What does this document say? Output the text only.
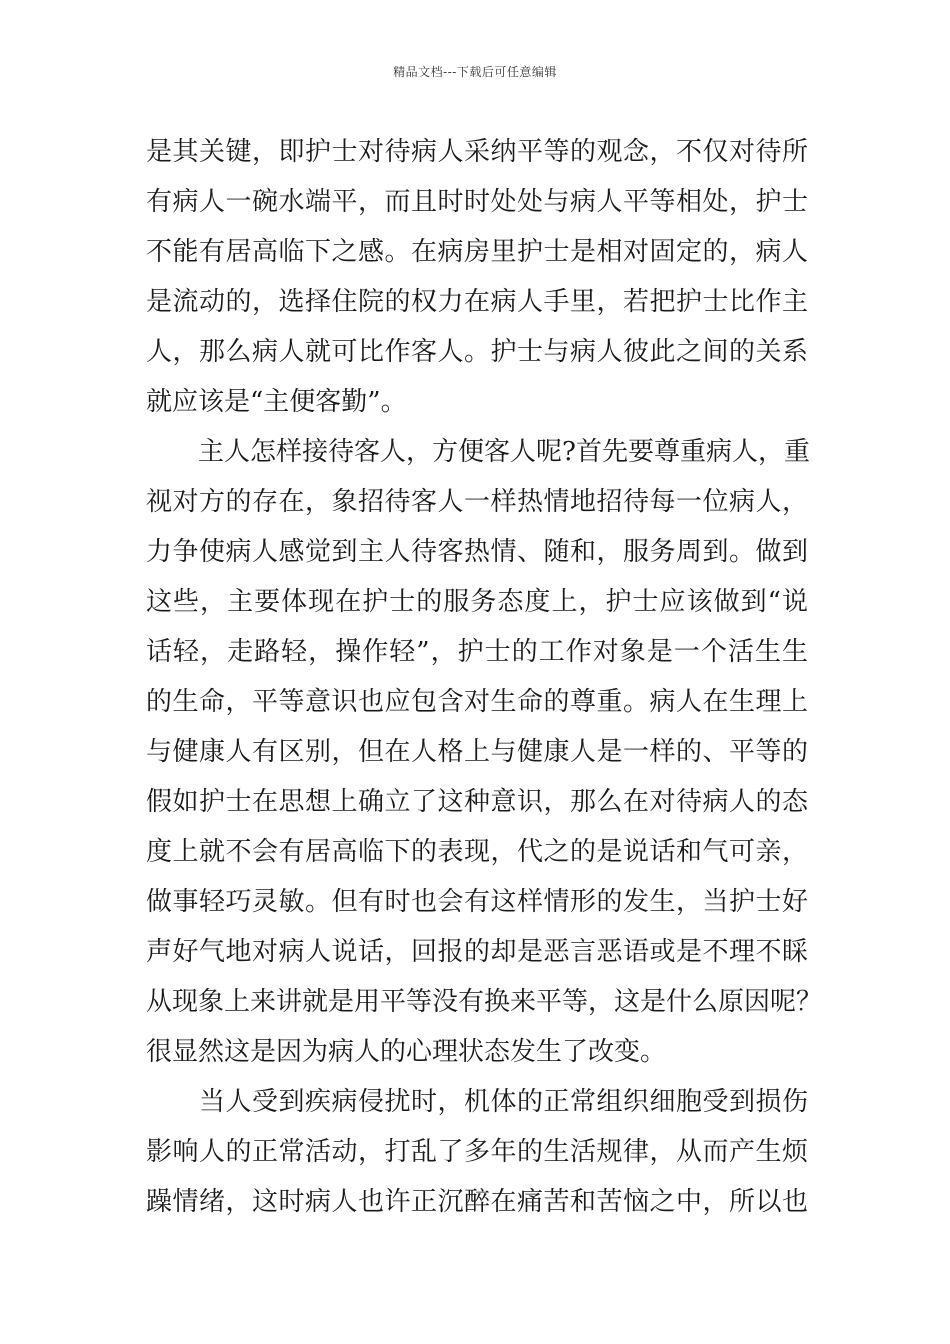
精品文档---下载后可任意编辑
是其关键，即护士对待病人采纳平等的观念，不仅对待所
有病人一碗水端平，而且时时处处与病人平等相处，护士
不能有居高临下之感。在病房里护士是相对固定的，病人
是流动的，选择住院的权力在病人手里，若把护士比作主
人，那么病人就可比作客人。护士与病人彼此之间的关系
就应该是“主便客勤”。
　　主人怎样接待客人，方便客人呢?首先要尊重病人，重
视对方的存在，象招待客人一样热情地招待每一位病人，
力争使病人感觉到主人待客热情、随和，服务周到。做到
这些，主要体现在护士的服务态度上，护士应该做到“说
话轻，走路轻，操作轻”，护士的工作对象是一个活生生
的生命，平等意识也应包含对生命的尊重。病人在生理上
与健康人有区别，但在人格上与健康人是一样的、平等的
假如护士在思想上确立了这种意识，那么在对待病人的态
度上就不会有居高临下的表现，代之的是说话和气可亲，
做事轻巧灵敏。但有时也会有这样情形的发生，当护士好
声好气地对病人说话，回报的却是恶言恶语或是不理不睬
从现象上来讲就是用平等没有换来平等，这是什么原因呢？
很显然这是因为病人的心理状态发生了改变。
　　当人受到疾病侵扰时，机体的正常组织细胞受到损伤
影响人的正常活动，打乱了多年的生活规律，从而产生烦
躁情绪，这时病人也许正沉醉在痛苦和苦恼之中，所以也
